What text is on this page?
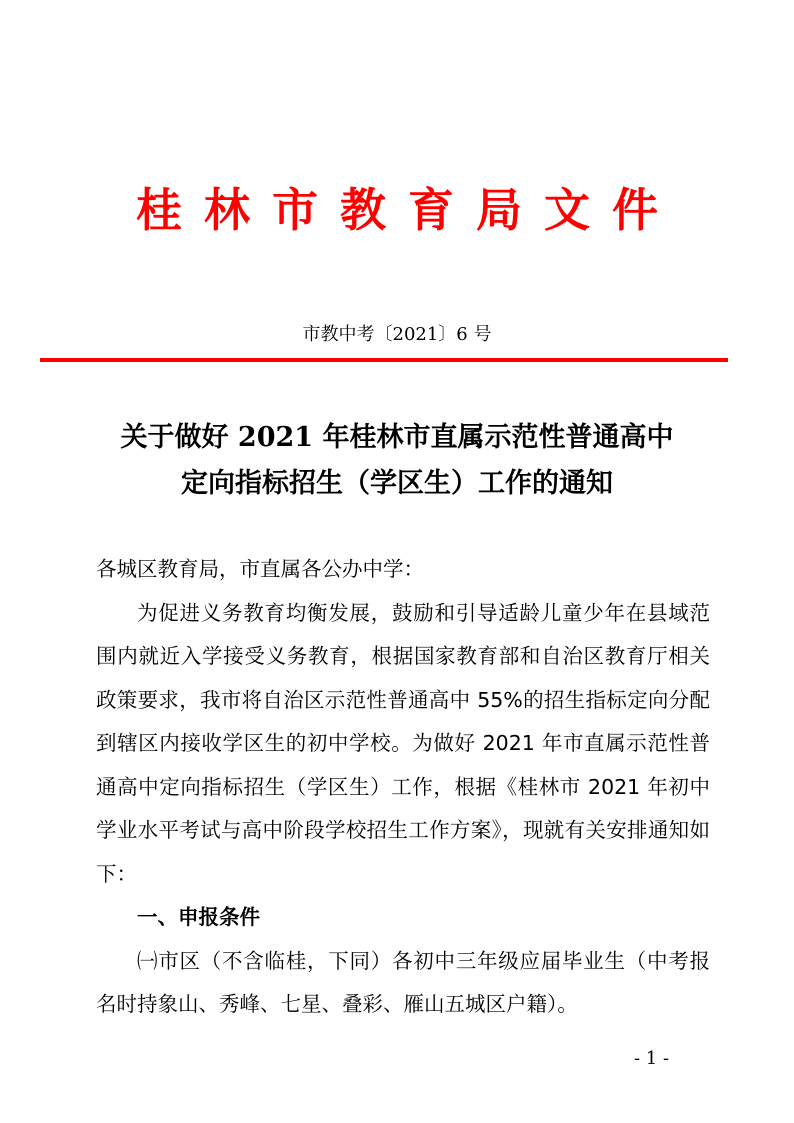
桂林市教育局文件
市教中考〔2021〕6 号
关于做好 2021 年桂林市直属示范性普通高中
定向指标招生（学区生）工作的通知

各城区教育局，市直属各公办中学：

为促进义务教育均衡发展，鼓励和引导适龄儿童少年在县域范围内就近入学接受义务教育，根据国家教育部和自治区教育厅相关政策要求，我市将自治区示范性普通高中 55%的招生指标定向分配到辖区内接收学区生的初中学校。为做好 2021 年市直属示范性普通高中定向指标招生（学区生）工作，根据《桂林市 2021 年初中学业水平考试与高中阶段学校招生工作方案》，现就有关安排通知如下：

一、申报条件

㈠市区（不含临桂，下同）各初中三年级应届毕业生（中考报名时持象山、秀峰、七星、叠彩、雁山五城区户籍）。

- 1 -
